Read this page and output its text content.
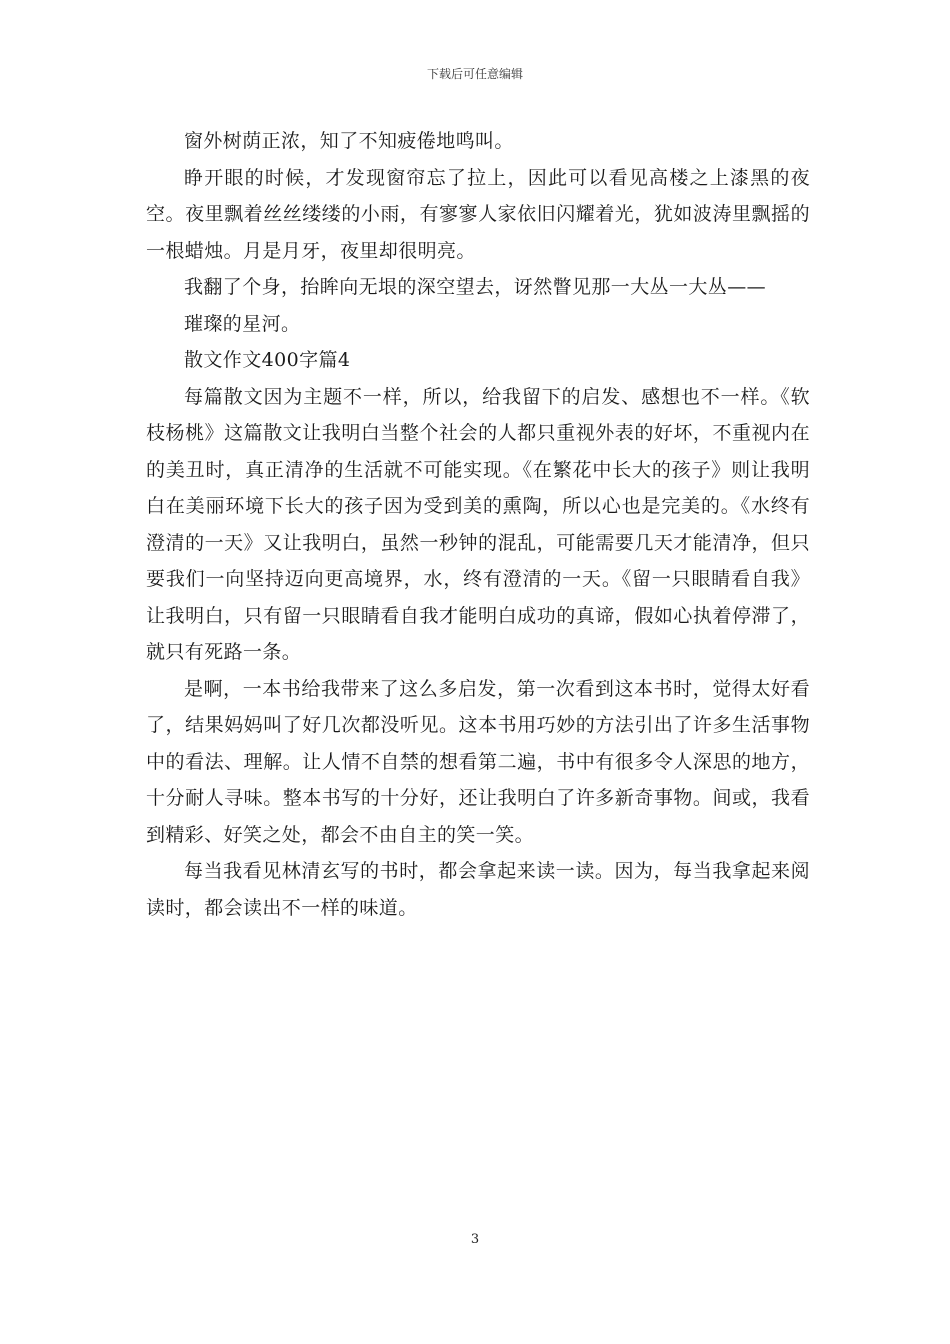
下载后可任意编辑

窗外树荫正浓，知了不知疲倦地鸣叫。

睁开眼的时候，才发现窗帘忘了拉上，因此可以看见高楼之上漆黑的夜空。夜里飘着丝丝缕缕的小雨，有寥寥人家依旧闪耀着光，犹如波涛里飘摇的一根蜡烛。月是月牙，夜里却很明亮。

我翻了个身，抬眸向无垠的深空望去，讶然瞥见那一大丛一大丛——

璀璨的星河。

散文作文400字篇4

每篇散文因为主题不一样，所以，给我留下的启发、感想也不一样。《软枝杨桃》这篇散文让我明白当整个社会的人都只重视外表的好坏，不重视内在的美丑时，真正清净的生活就不可能实现。《在繁花中长大的孩子》则让我明白在美丽环境下长大的孩子因为受到美的熏陶，所以心也是完美的。《水终有澄清的一天》又让我明白，虽然一秒钟的混乱，可能需要几天才能清净，但只要我们一向坚持迈向更高境界，水，终有澄清的一天。《留一只眼睛看自我》让我明白，只有留一只眼睛看自我才能明白成功的真谛，假如心执着停滞了，就只有死路一条。

是啊，一本书给我带来了这么多启发，第一次看到这本书时，觉得太好看了，结果妈妈叫了好几次都没听见。这本书用巧妙的方法引出了许多生活事物中的看法、理解。让人情不自禁的想看第二遍，书中有很多令人深思的地方，十分耐人寻味。整本书写的十分好，还让我明白了许多新奇事物。间或，我看到精彩、好笑之处，都会不由自主的笑一笑。

每当我看见林清玄写的书时，都会拿起来读一读。因为，每当我拿起来阅读时，都会读出不一样的味道。

3
